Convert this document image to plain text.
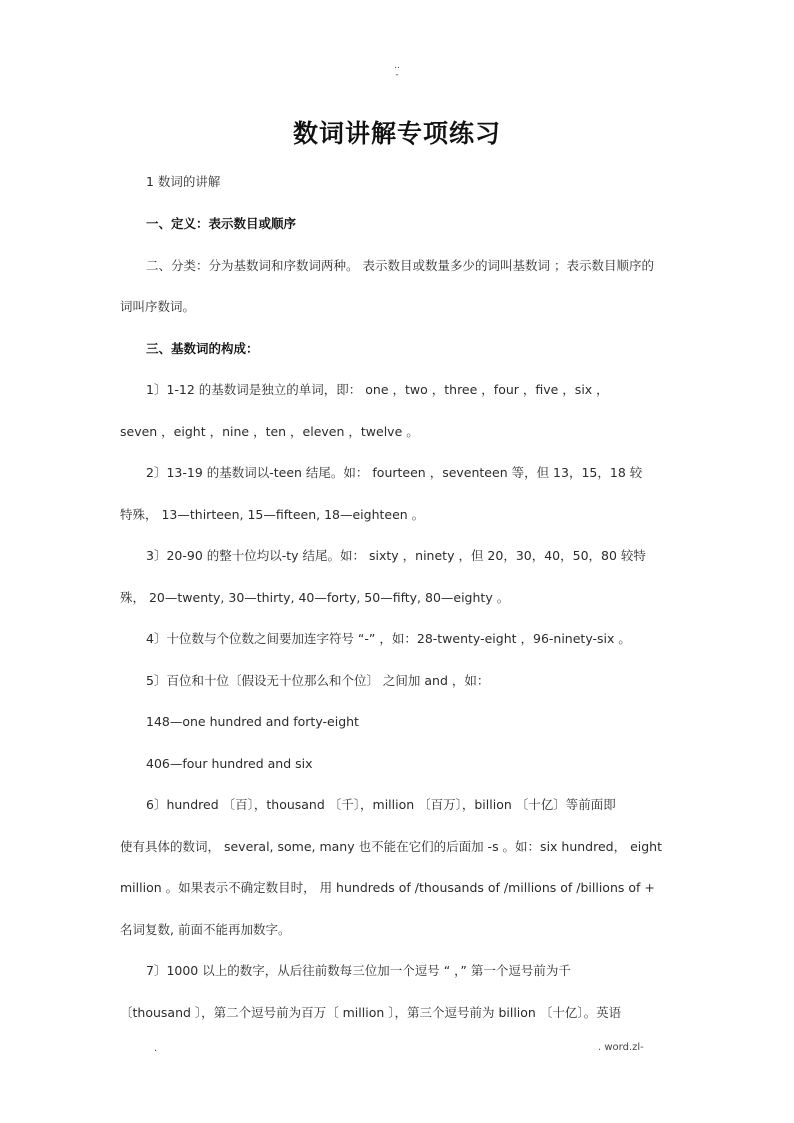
..
-
数词讲解专项练习
1 数词的讲解
一、定义：表示数目或顺序
二、分类：分为基数词和序数词两种。 表示数目或数量多少的词叫基数词 ；表示数目顺序的
词叫序数词。
三、基数词的构成：
1〕1-12 的基数词是独立的单词，即： one ，two ，three ，four ，five ，six ，
seven ，eight ，nine ，ten ，eleven ，twelve 。
2〕13-19 的基数词以-teen 结尾。如： fourteen ，seventeen 等，但 13，15，18 较
特殊， 13—thirteen, 15—fifteen, 18—eighteen 。
3〕20-90 的整十位均以-ty 结尾。如： sixty ，ninety ，但 20，30，40，50，80 较特
殊， 20—twenty, 30—thirty, 40—forty, 50—fifty, 80—eighty 。
4〕十位数与个位数之间要加连字符号 “-” ，如：28-twenty-eight ，96-ninety-six 。
5〕百位和十位〔假设无十位那么和个位〕 之间加 and ，如：
148—one hundred and forty-eight
406—four hundred and six
6〕hundred 〔百〕，thousand 〔千〕，million 〔百万〕，billion 〔十亿〕等前面即
使有具体的数词， several, some, many 也不能在它们的后面加 -s 。如：six hundred， eight
million 。如果表示不确定数目时， 用 hundreds of /thousands of /millions of /billions of +
名词复数, 前面不能再加数字。
7〕1000 以上的数字，从后往前数每三位加一个逗号 “ ，” 第一个逗号前为千
〔thousand 〕，第二个逗号前为百万〔 million 〕，第三个逗号前为 billion 〔十亿〕。英语
.	. word.zl-
